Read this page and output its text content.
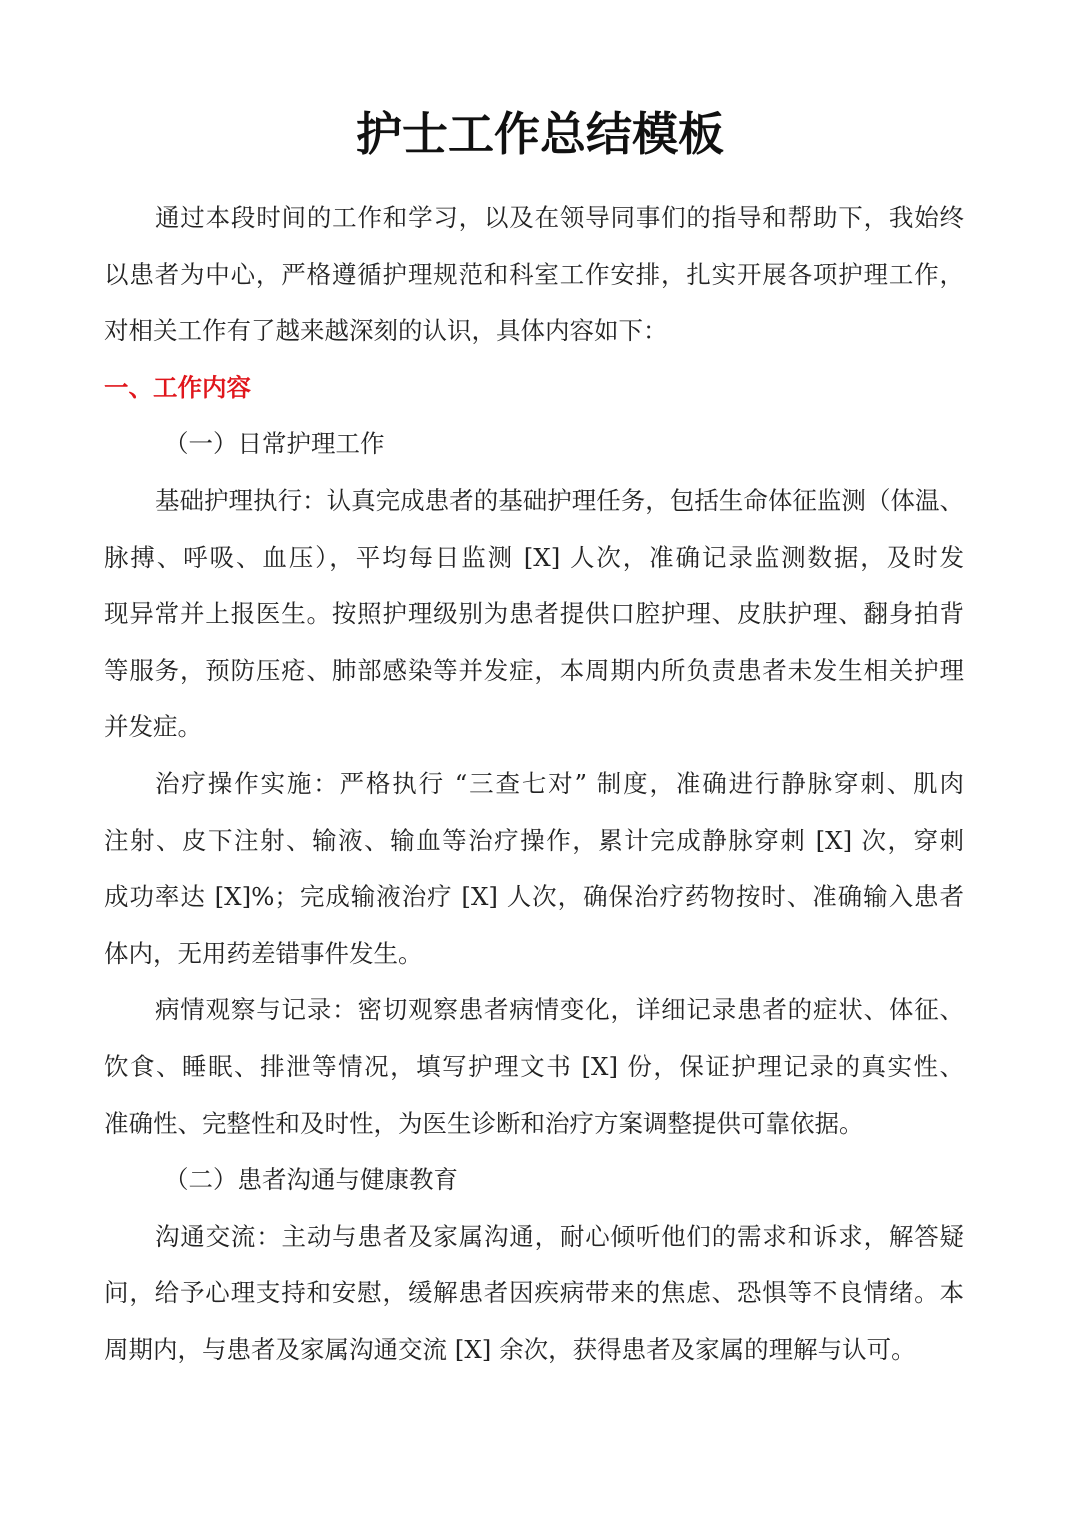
护士工作总结模板
通过本段时间的工作和学习，以及在领导同事们的指导和帮助下，我始终
以患者为中心，严格遵循护理规范和科室工作安排，扎实开展各项护理工作，
对相关工作有了越来越深刻的认识，具体内容如下：
一、工作内容
（一）日常护理工作
基础护理执行：认真完成患者的基础护理任务，包括生命体征监测（体温、
脉搏、呼吸、血压），平均每日监测 [X] 人次，准确记录监测数据，及时发
现异常并上报医生。按照护理级别为患者提供口腔护理、皮肤护理、翻身拍背
等服务，预防压疮、肺部感染等并发症，本周期内所负责患者未发生相关护理
并发症。
治疗操作实施：严格执行 “三查七对” 制度，准确进行静脉穿刺、肌肉
注射、皮下注射、输液、输血等治疗操作，累计完成静脉穿刺 [X] 次，穿刺
成功率达 [X]%；完成输液治疗 [X] 人次，确保治疗药物按时、准确输入患者
体内，无用药差错事件发生。
病情观察与记录：密切观察患者病情变化，详细记录患者的症状、体征、
饮食、睡眠、排泄等情况，填写护理文书 [X] 份，保证护理记录的真实性、
准确性、完整性和及时性，为医生诊断和治疗方案调整提供可靠依据。
（二）患者沟通与健康教育
沟通交流：主动与患者及家属沟通，耐心倾听他们的需求和诉求，解答疑
问，给予心理支持和安慰，缓解患者因疾病带来的焦虑、恐惧等不良情绪。本
周期内，与患者及家属沟通交流 [X] 余次，获得患者及家属的理解与认可。
